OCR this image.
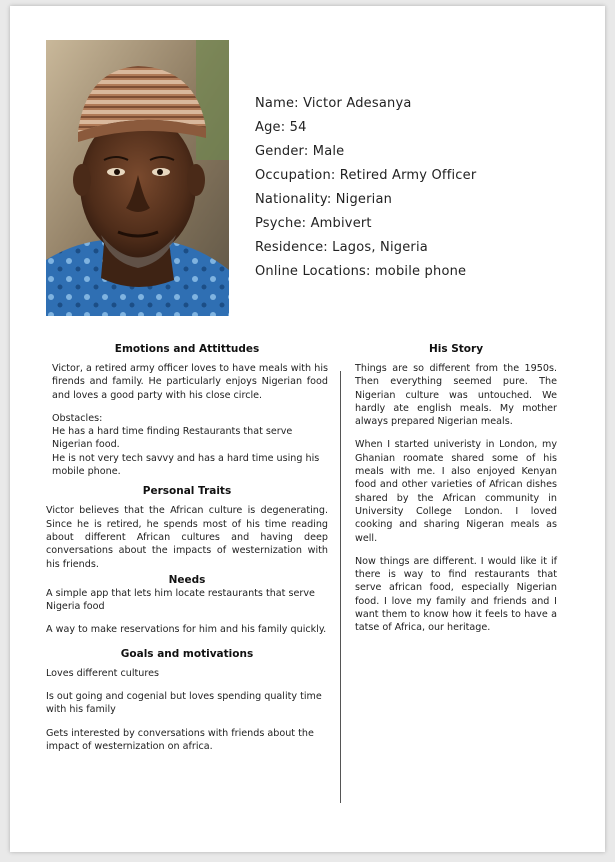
Name: Victor Adesanya
Age: 54
Gender: Male
Occupation: Retired Army Officer
Nationality: Nigerian
Psyche: Ambivert
Residence: Lagos, Nigeria
Online Locations: mobile phone
Emotions and Attittudes

Victor, a retired army officer loves to have meals with his firends and family. He particularly enjoys Nigerian food and loves a good party with his close circle.

Obstacles:

He has a hard time finding Restaurants that serve Nigerian food.

He is not very tech savvy and has a hard time using his mobile phone.

Personal Traits

Victor believes that the African culture is degenerating. Since he is retired, he spends most of his time reading about different African cultures and having deep conversations about the impacts of westernization with his friends.

Needs

A simple app that lets him locate restaurants that serve Nigeria food

A way to make reservations for him and his family quickly.

Goals and motivations

Loves different cultures

Is out going and cogenial but loves spending quality time with his family

Gets interested by conversations with friends about the impact of westernization on africa.

His Story

Things are so different from the 1950s. Then everything seemed pure. The Nigerian culture was untouched. We hardly ate english meals. My mother always prepared Nigerian meals.

When I started univeristy in London, my Ghanian roomate shared some of his meals with me. I also enjoyed Kenyan food and other varieties of African dishes shared by the African community in University College London. I loved cooking and sharing Nigeran meals as well.

Now things are different. I would like it if there is way to find restaurants that serve african food, especially Nigerian food. I love my family and friends and I want them to know how it feels to have a tatse of Africa, our heritage.
